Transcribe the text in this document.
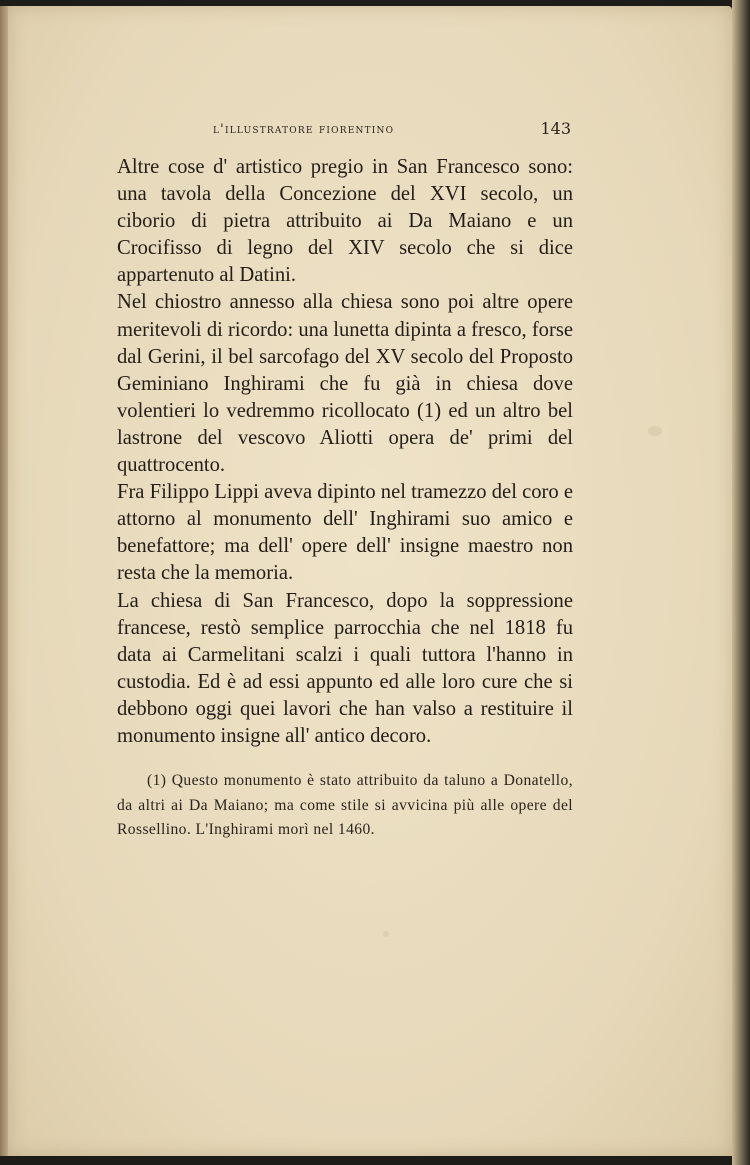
l'illustratore fiorentino	143

Altre cose d' artistico pregio in San Francesco sono: una tavola della Concezione del XVI secolo, un ciborio di pietra attribuito ai Da Maiano e un Crocifisso di legno del XIV secolo che si dice appartenuto al Datini.

Nel chiostro annesso alla chiesa sono poi altre opere meritevoli di ricordo: una lunetta dipinta a fresco, forse dal Gerini, il bel sarcofago del XV secolo del Proposto Geminiano Inghirami che fu già in chiesa dove volentieri lo vedremmo ricollocato (1) ed un altro bel lastrone del vescovo Aliotti opera de' primi del quattrocento.

Fra Filippo Lippi aveva dipinto nel tramezzo del coro e attorno al monumento dell' Inghirami suo amico e benefattore; ma dell' opere dell' insigne maestro non resta che la memoria.

La chiesa di San Francesco, dopo la soppressione francese, restò semplice parrocchia che nel 1818 fu data ai Carmelitani scalzi i quali tuttora l'hanno in custodia. Ed è ad essi appunto ed alle loro cure che si debbono oggi quei lavori che han valso a restituire il monumento insigne all' antico decoro.

(1) Questo monumento è stato attribuito da taluno a Donatello, da altri ai Da Maiano; ma come stile si avvicina più alle opere del Rossellino. L'Inghirami morì nel 1460.
